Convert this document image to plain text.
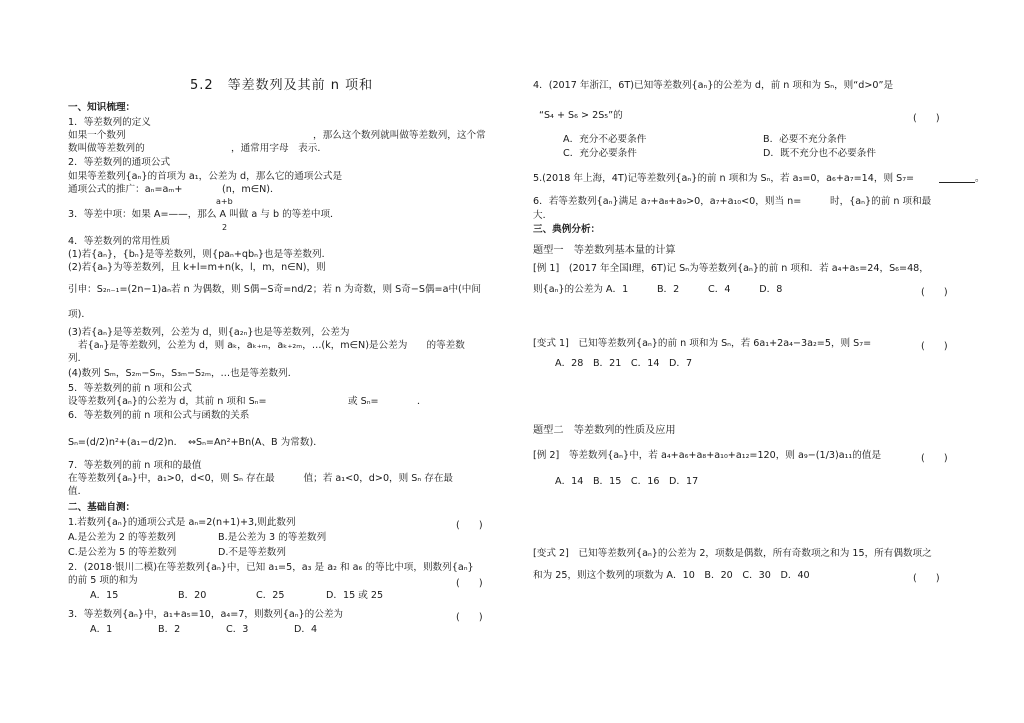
5.2　等差数列及其前 n 项和
一、知识梳理：
1．等差数列的定义
如果一个数列	，那么这个数列就叫做等差数列，这个常
数叫做等差数列的	，通常用字母　表示．
2．等差数列的通项公式
如果等差数列{aₙ}的首项为 a₁，公差为 d，那么它的通项公式是
通项公式的推广：aₙ=aₘ+	(n，m∈N)．
a+b
3．等差中项：如果 A=——，那么 A 叫做 a 与 b 的等差中项．
2
4．等差数列的常用性质
(1)若{aₙ}，{bₙ}是等差数列，则{paₙ+qbₙ}也是等差数列．
(2)若{aₙ}为等差数列，且 k+l=m+n(k，l，m，n∈N)，则
引申：S₂ₙ₋₁=(2n−1)aₙ若 n 为偶数，则 S偶−S奇=nd/2；若 n 为奇数，则 S奇−S偶=a中(中间
项)．
(3)若{aₙ}是等差数列，公差为 d，则{a₂ₙ}也是等差数列，公差为
若{aₙ}是等差数列，公差为 d，则 aₖ，aₖ₊ₘ，aₖ₊₂ₘ，…(k，m∈N)是公差为　　的等差数
列．
(4)数列 Sₘ，S₂ₘ−Sₘ，S₃ₘ−S₂ₘ，…也是等差数列．
5．等差数列的前 n 项和公式
设等差数列{aₙ}的公差为 d，其前 n 项和 Sₙ=	或 Sₙ=　　　　．
6．等差数列的前 n 项和公式与函数的关系
Sₙ=(d/2)n²+(a₁−d/2)n．　⇔Sₙ=An²+Bn(A、B 为常数)．
7．等差数列的前 n 项和的最值
在等差数列{aₙ}中，a₁>0，d<0，则 Sₙ 存在最　　　值；若 a₁<0，d>0，则 Sₙ 存在最
值．
二、基础自测：
1.若数列{aₙ}的通项公式是 aₙ=2(n+1)+3,则此数列	(　　)
A.是公差为 2 的等差数列	B.是公差为 3 的等差数列
C.是公差为 5 的等差数列	D.不是等差数列
2．(2018·银川二模)在等差数列{aₙ}中，已知 a₁=5，a₃ 是 a₂ 和 a₆ 的等比中项，则数列{aₙ}
的前 5 项的和为	(　　)
A．15	B．20	C．25	D．15 或 25
3．等差数列{aₙ}中，a₁+a₅=10，a₄=7，则数列{aₙ}的公差为	(　　)
A．1	B．2	C．3	D．4
4．(2017 年浙江，6T)已知等差数列{aₙ}的公差为 d，前 n 项和为 Sₙ，则“d>0”是
“S₄ + S₆ > 2S₅”的	(　　)
A．充分不必要条件	B．必要不充分条件
C．充分必要条件	D．既不充分也不必要条件
5.(2018 年上海，4T)记等差数列{aₙ}的前 n 项和为 Sₙ，若 a₃=0，a₆+a₇=14，则 S₇=	。
6．若等差数列{aₙ}满足 a₇+a₈+a₉>0，a₇+a₁₀<0，则当 n=　　　时，{aₙ}的前 n 项和最
大．
三、典例分析：
题型一　等差数列基本量的计算
[例 1]　(2017 年全国Ⅰ理，6T)记 Sₙ为等差数列{aₙ}的前 n 项和．若 a₄+a₅=24，S₆=48，
则{aₙ}的公差为 A．1　　　B．2　　　C．4　　　D．8	(　　)
[变式 1]　已知等差数列{aₙ}的前 n 项和为 Sₙ，若 6a₁+2a₄−3a₂=5，则 S₇=	(　　)
A．28　B．21　C．14　D．7
题型二　等差数列的性质及应用
[例 2]　等差数列{aₙ}中，若 a₄+a₆+a₈+a₁₀+a₁₂=120，则 a₉−(1/3)a₁₁的值是	(　　)
A．14　B．15　C．16　D．17
[变式 2]　已知等差数列{aₙ}的公差为 2，项数是偶数，所有奇数项之和为 15，所有偶数项之
和为 25，则这个数列的项数为 A．10　B．20　C．30　D．40	(　　)
